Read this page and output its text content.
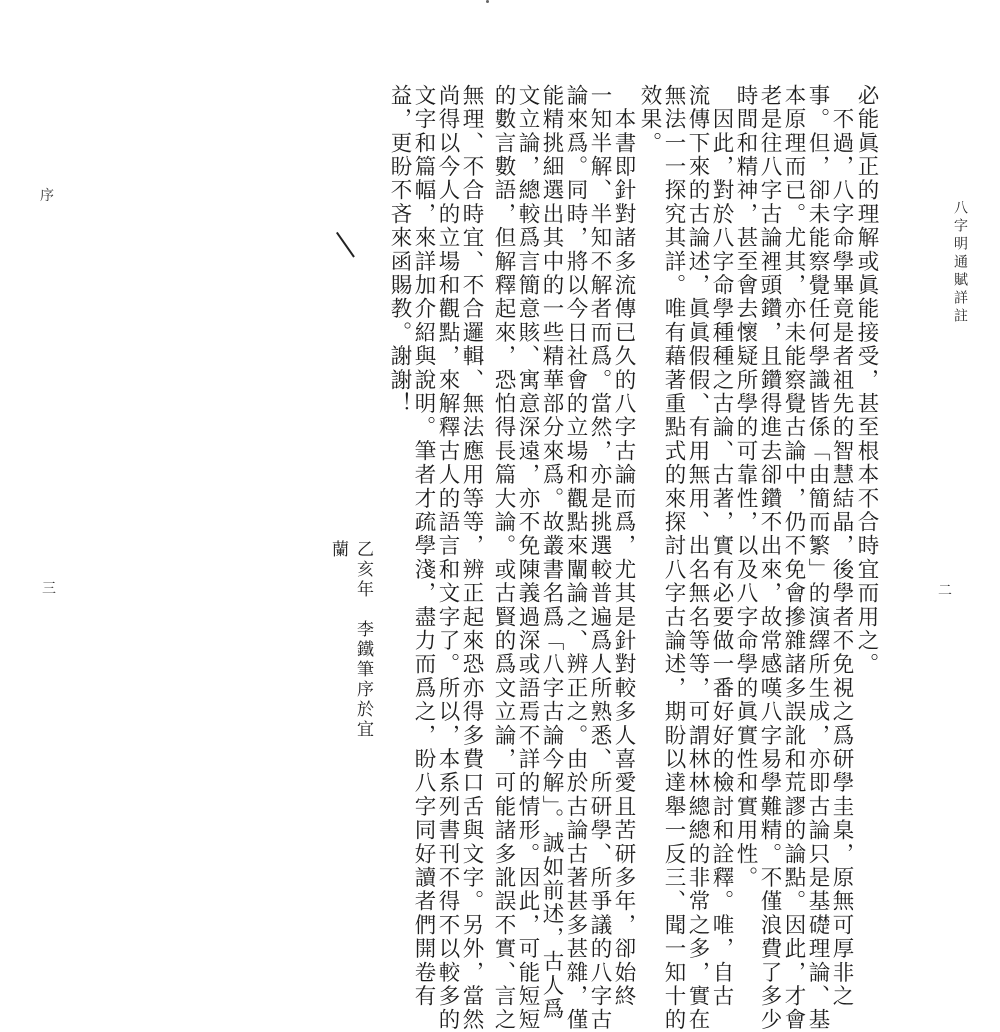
八字明通賦詳註
必能眞正的理解或眞能接受，甚至根本不合時宜而用之。
　不過，八字命學畢竟是者祖先的智慧結晶，後學者不免視之爲研學圭臬，原無可厚非之
事。但，卻未能察覺任何學識皆係「由簡而繁」的演繹所生成，亦即古論只是基礎理論、基
本原理而已。尤其，亦未能察覺古論中，仍不免會摻雜諸多誤訛和荒謬的論點。因此，才會
老是往八字古論裡頭鑽，且鑽得進去卻鑽不出來，故常感嘆八字易學難精。不僅浪費了多少
時間和精神，甚至會去懷疑所學的可靠性，以及八字命學的眞實性和實用性。
　因此，對於八字命學種種之古論、古著，實有必要做一番好好的檢討和詮釋。唯，自古
流傳下來的古論述，眞眞假假、有用無用、出名無名等等，可謂林林總總的非常之多，實在
無法一一探究其詳。唯有藉著重點式的來探討八字古論述，期盼以達舉一反三、聞一知十的
效果。
二
　本書即針對諸多流傳已久的八字古論而爲，尤其是針對較多人喜愛且苦研多年，卻始終
一知半解、半知不解者而爲。當然，亦是挑選較普遍爲人所熟悉、所研學、所爭議的八字古
論來爲。同時，將以今日社會的立場和觀點來闡論之、辨正之。由於古論古著甚多甚雜，僅
能精挑細選出其中的一些精華部分來爲。故叢書名爲「八字古論今解」。誠如前述，古人爲
文立論，總較爲言簡意賅、寓意深遠，亦不免陳義過深或語焉不詳的情形。因此，可能短短
的數言數語，但解釋起來，恐怕得長篇大論。或古賢的爲文立論，可能諸多訛誤不實、言之
無理、不合時宜、不合邏輯、無法應用等等，辨正起來恐亦得多費口舌與文字。另外，當然
尚得以今人的立場和觀點，來解釋古人的語言和文字了。所以，本系列書刊不得不以較多的
文字和篇幅，來詳加介紹與說明。筆者才疏學淺，盡力而爲之，盼八字同好讀者們開卷有
益，更盼不吝來函賜教。謝謝！
乙亥年　李鐵筆序於宜蘭
序
三
